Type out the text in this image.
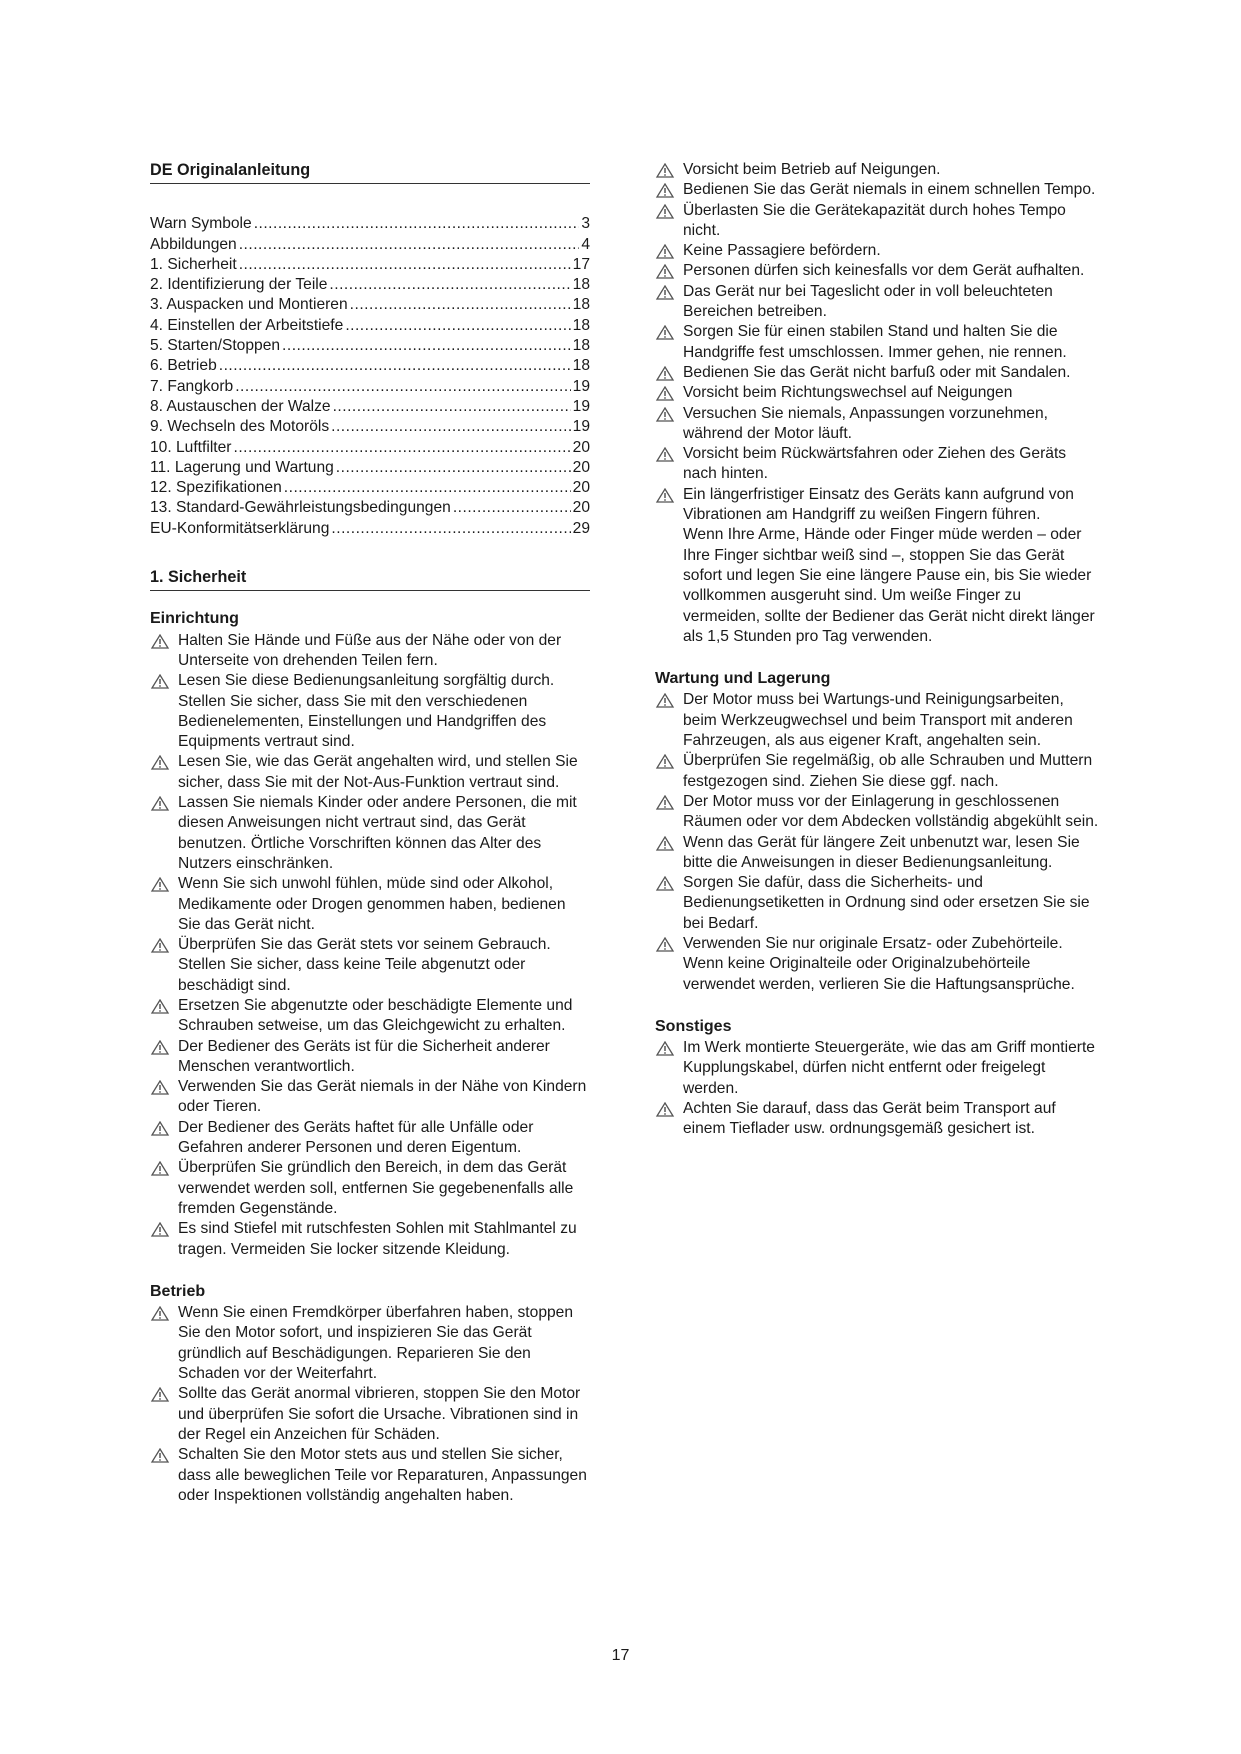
DE Originalanleitung
Warn Symbole .....	3
Abbildungen .....	4
1. Sicherheit .....	17
2. Identifizierung der Teile .....	18
3. Auspacken und Montieren .....	18
4. Einstellen der Arbeitstiefe .....	18
5. Starten/Stoppen .....	18
6. Betrieb .....	18
7. Fangkorb .....	19
8. Austauschen der Walze .....	19
9. Wechseln des Motoröls .....	19
10. Luftfilter .....	20
11. Lagerung und Wartung .....	20
12. Spezifikationen .....	20
13. Standard-Gewährleistungsbedingungen .....	20
EU-Konformitätserklärung .....	29
1. Sicherheit
Einrichtung
Halten Sie Hände und Füße aus der Nähe oder von der Unterseite von drehenden Teilen fern.
Lesen Sie diese Bedienungsanleitung sorgfältig durch. Stellen Sie sicher, dass Sie mit den verschiedenen Bedienelementen, Einstellungen und Handgriffen des Equipments vertraut sind.
Lesen Sie, wie das Gerät angehalten wird, und stellen Sie sicher, dass Sie mit der Not-Aus-Funktion vertraut sind.
Lassen Sie niemals Kinder oder andere Personen, die mit diesen Anweisungen nicht vertraut sind, das Gerät benutzen. Örtliche Vorschriften können das Alter des Nutzers einschränken.
Wenn Sie sich unwohl fühlen, müde sind oder Alkohol, Medikamente oder Drogen genommen haben, bedienen Sie das Gerät nicht.
Überprüfen Sie das Gerät stets vor seinem Gebrauch. Stellen Sie sicher, dass keine Teile abgenutzt oder beschädigt sind.
Ersetzen Sie abgenutzte oder beschädigte Elemente und Schrauben setweise, um das Gleichgewicht zu erhalten.
Der Bediener des Geräts ist für die Sicherheit anderer Menschen verantwortlich.
Verwenden Sie das Gerät niemals in der Nähe von Kindern oder Tieren.
Der Bediener des Geräts haftet für alle Unfälle oder Gefahren anderer Personen und deren Eigentum.
Überprüfen Sie gründlich den Bereich, in dem das Gerät verwendet werden soll, entfernen Sie gegebenenfalls alle fremden Gegenstände.
Es sind Stiefel mit rutschfesten Sohlen mit Stahlmantel zu tragen. Vermeiden Sie locker sitzende Kleidung.
Betrieb
Wenn Sie einen Fremdkörper überfahren haben, stoppen Sie den Motor sofort, und inspizieren Sie das Gerät gründlich auf Beschädigungen. Reparieren Sie den Schaden vor der Weiterfahrt.
Sollte das Gerät anormal vibrieren, stoppen Sie den Motor und überprüfen Sie sofort die Ursache. Vibrationen sind in der Regel ein Anzeichen für Schäden.
Schalten Sie den Motor stets aus und stellen Sie sicher, dass alle beweglichen Teile vor Reparaturen, Anpassungen oder Inspektionen vollständig angehalten haben.
Vorsicht beim Betrieb auf Neigungen.
Bedienen Sie das Gerät niemals in einem schnellen Tempo.
Überlasten Sie die Gerätekapazität durch hohes Tempo nicht.
Keine Passagiere befördern.
Personen dürfen sich keinesfalls vor dem Gerät aufhalten.
Das Gerät nur bei Tageslicht oder in voll beleuchteten Bereichen betreiben.
Sorgen Sie für einen stabilen Stand und halten Sie die Handgriffe fest umschlossen. Immer gehen, nie rennen.
Bedienen Sie das Gerät nicht barfuß oder mit Sandalen.
Vorsicht beim Richtungswechsel auf Neigungen
Versuchen Sie niemals, Anpassungen vorzunehmen, während der Motor läuft.
Vorsicht beim Rückwärtsfahren oder Ziehen des Geräts nach hinten.
Ein längerfristiger Einsatz des Geräts kann aufgrund von Vibrationen am Handgriff zu weißen Fingern führen.
Wenn Ihre Arme, Hände oder Finger müde werden – oder Ihre Finger sichtbar weiß sind –, stoppen Sie das Gerät sofort und legen Sie eine längere Pause ein, bis Sie wieder vollkommen ausgeruht sind. Um weiße Finger zu vermeiden, sollte der Bediener das Gerät nicht direkt länger als 1,5 Stunden pro Tag verwenden.
Wartung und Lagerung
Der Motor muss bei Wartungs-und Reinigungsarbeiten, beim Werkzeugwechsel und beim Transport mit anderen Fahrzeugen, als aus eigener Kraft, angehalten sein.
Überprüfen Sie regelmäßig, ob alle Schrauben und Muttern festgezogen sind. Ziehen Sie diese ggf. nach.
Der Motor muss vor der Einlagerung in geschlossenen Räumen oder vor dem Abdecken vollständig abgekühlt sein.
Wenn das Gerät für längere Zeit unbenutzt war, lesen Sie bitte die Anweisungen in dieser Bedienungsanleitung.
Sorgen Sie dafür, dass die Sicherheits- und Bedienungsetiketten in Ordnung sind oder ersetzen Sie sie bei Bedarf.
Verwenden Sie nur originale Ersatz- oder Zubehörteile. Wenn keine Originalteile oder Originalzubehörteile verwendet werden, verlieren Sie die Haftungsansprüche.
Sonstiges
Im Werk montierte Steuergeräte, wie das am Griff montierte Kupplungskabel, dürfen nicht entfernt oder freigelegt werden.
Achten Sie darauf, dass das Gerät beim Transport auf einem Tieflader usw. ordnungsgemäß gesichert ist.
17
